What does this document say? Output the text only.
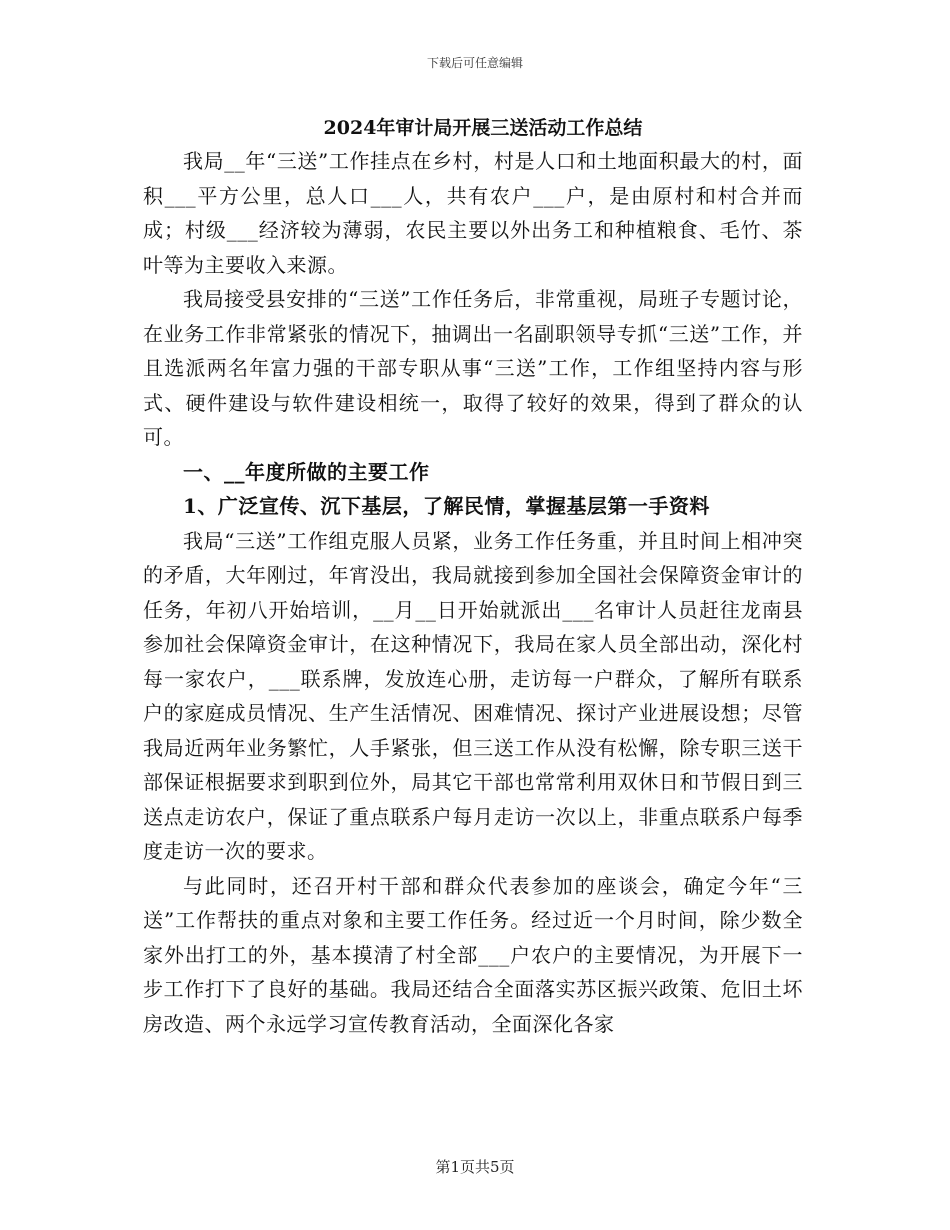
下载后可任意编辑
2024年审计局开展三送活动工作总结

我局__年“三送”工作挂点在乡村，村是人口和土地面积最大的村，面积___平方公里，总人口___人，共有农户___户，是由原村和村合并而成；村级___经济较为薄弱，农民主要以外出务工和种植粮食、毛竹、茶叶等为主要收入来源。

我局接受县安排的“三送”工作任务后，非常重视，局班子专题讨论，在业务工作非常紧张的情况下，抽调出一名副职领导专抓“三送”工作，并且选派两名年富力强的干部专职从事“三送”工作，工作组坚持内容与形式、硬件建设与软件建设相统一，取得了较好的效果，得到了群众的认可。

一、__年度所做的主要工作

1、广泛宣传、沉下基层，了解民情，掌握基层第一手资料

我局“三送”工作组克服人员紧，业务工作任务重，并且时间上相冲突的矛盾，大年刚过，年宵没出，我局就接到参加全国社会保障资金审计的任务，年初八开始培训，__月__日开始就派出___名审计人员赶往龙南县参加社会保障资金审计，在这种情况下，我局在家人员全部出动，深化村每一家农户，___联系牌，发放连心册，走访每一户群众，了解所有联系户的家庭成员情况、生产生活情况、困难情况、探讨产业进展设想；尽管我局近两年业务繁忙，人手紧张，但三送工作从没有松懈，除专职三送干部保证根据要求到职到位外，局其它干部也常常利用双休日和节假日到三送点走访农户，保证了重点联系户每月走访一次以上，非重点联系户每季度走访一次的要求。

与此同时，还召开村干部和群众代表参加的座谈会，确定今年“三送”工作帮扶的重点对象和主要工作任务。经过近一个月时间，除少数全家外出打工的外，基本摸清了村全部___户农户的主要情况，为开展下一步工作打下了良好的基础。我局还结合全面落实苏区振兴政策、危旧土坏房改造、两个永远学习宣传教育活动，全面深化各家

第1页共5页
